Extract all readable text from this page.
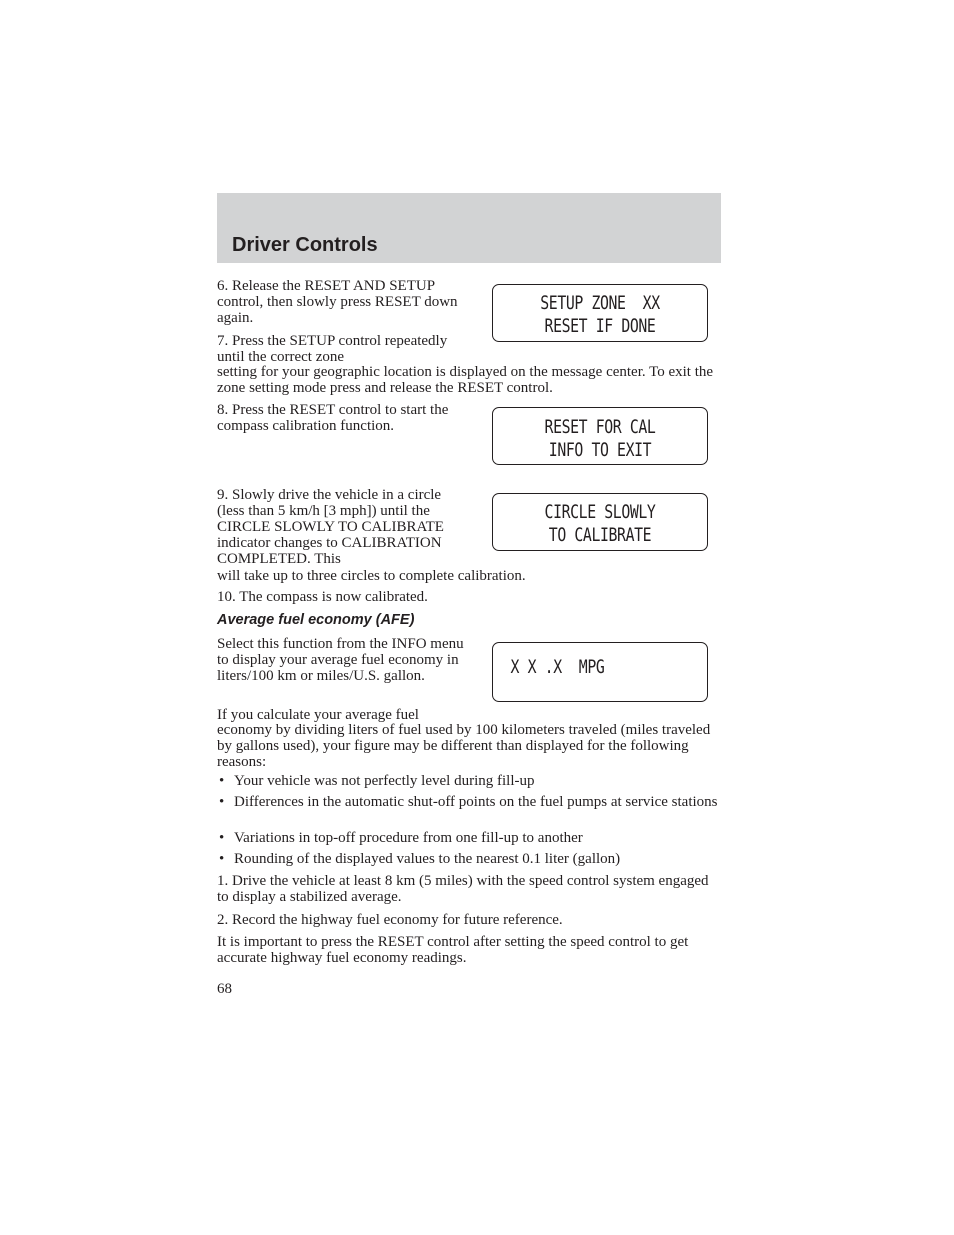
Driver Controls

6. Release the RESET AND SETUP control, then slowly press RESET down again.

7. Press the SETUP control repeatedly until the correct zone

setting for your geographic location is displayed on the message center. To exit the zone setting mode press and release the RESET control.

8. Press the RESET control to start the compass calibration function.

9. Slowly drive the vehicle in a circle (less than 5 km/h [3 mph]) until the CIRCLE SLOWLY TO CALIBRATE indicator changes to CALIBRATION COMPLETED. This

will take up to three circles to complete calibration.

10. The compass is now calibrated.

Average fuel economy (AFE)

Select this function from the INFO menu to display your average fuel economy in liters/100 km or miles/U.S. gallon.

If you calculate your average fuel

economy by dividing liters of fuel used by 100 kilometers traveled (miles traveled by gallons used), your figure may be different than displayed for the following reasons:

• Your vehicle was not perfectly level during fill-up
• Differences in the automatic shut-off points on the fuel pumps at service stations
• Variations in top-off procedure from one fill-up to another
• Rounding of the displayed values to the nearest 0.1 liter (gallon)

1. Drive the vehicle at least 8 km (5 miles) with the speed control system engaged to display a stabilized average.

2. Record the highway fuel economy for future reference.

It is important to press the RESET control after setting the speed control to get accurate highway fuel economy readings.

68
SETUP ZONE  XX
RESET IF DONE
RESET FOR CAL
INFO TO EXIT
CIRCLE SLOWLY
TO CALIBRATE
X X .X  MPG
